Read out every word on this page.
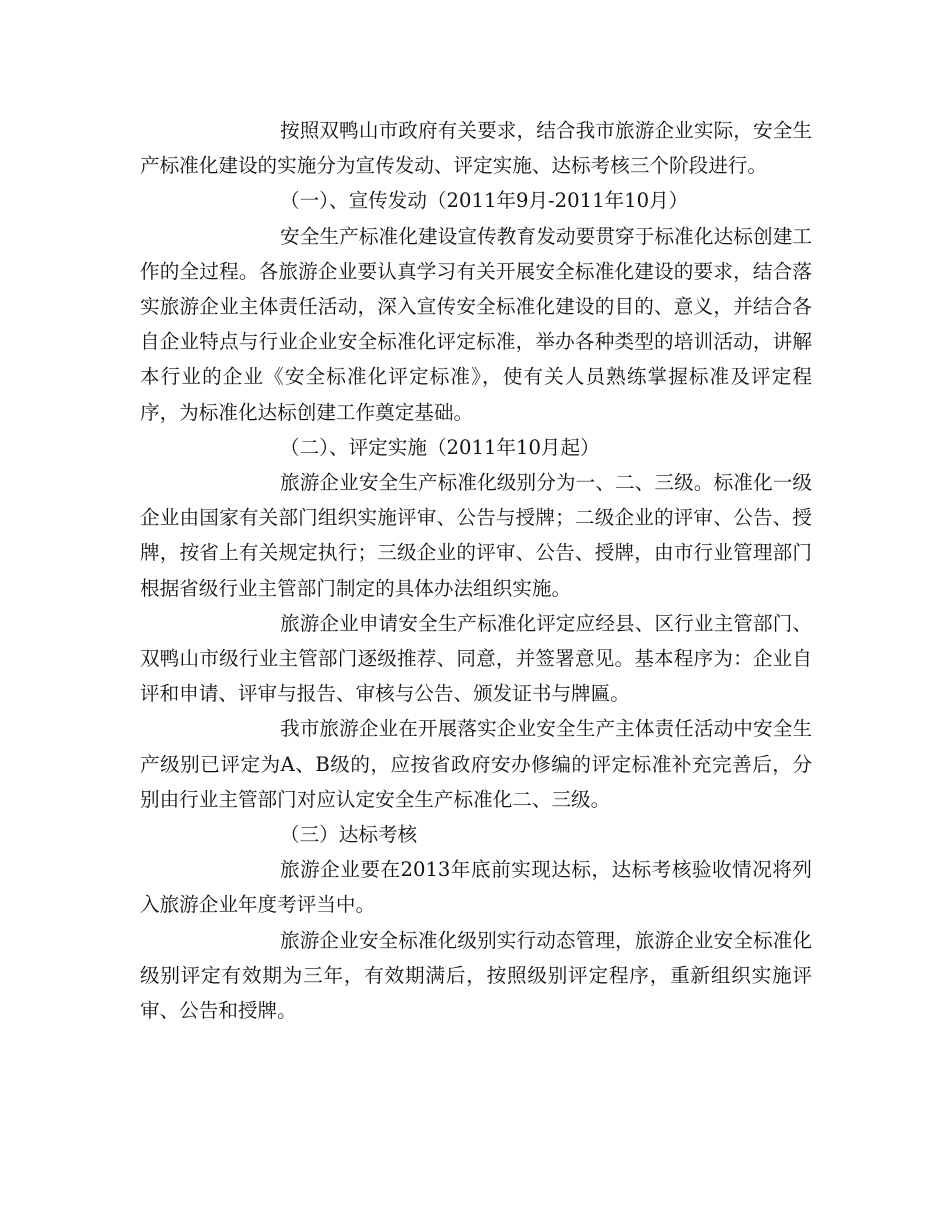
按照双鸭山市政府有关要求，结合我市旅游企业实际，安全生产标准化建设的实施分为宣传发动、评定实施、达标考核三个阶段进行。

（一）、宣传发动（2011年9月-2011年10月）

安全生产标准化建设宣传教育发动要贯穿于标准化达标创建工作的全过程。各旅游企业要认真学习有关开展安全标准化建设的要求，结合落实旅游企业主体责任活动，深入宣传安全标准化建设的目的、意义，并结合各自企业特点与行业企业安全标准化评定标准，举办各种类型的培训活动，讲解本行业的企业《安全标准化评定标准》，使有关人员熟练掌握标准及评定程序，为标准化达标创建工作奠定基础。

（二）、评定实施（2011年10月起）

旅游企业安全生产标准化级别分为一、二、三级。标准化一级企业由国家有关部门组织实施评审、公告与授牌；二级企业的评审、公告、授牌，按省上有关规定执行；三级企业的评审、公告、授牌，由市行业管理部门根据省级行业主管部门制定的具体办法组织实施。

旅游企业申请安全生产标准化评定应经县、区行业主管部门、双鸭山市级行业主管部门逐级推荐、同意，并签署意见。基本程序为：企业自评和申请、评审与报告、审核与公告、颁发证书与牌匾。

我市旅游企业在开展落实企业安全生产主体责任活动中安全生产级别已评定为A、B级的，应按省政府安办修编的评定标准补充完善后，分别由行业主管部门对应认定安全生产标准化二、三级。

（三）达标考核

旅游企业要在2013年底前实现达标，达标考核验收情况将列入旅游企业年度考评当中。

旅游企业安全标准化级别实行动态管理，旅游企业安全标准化级别评定有效期为三年，有效期满后，按照级别评定程序，重新组织实施评审、公告和授牌。
